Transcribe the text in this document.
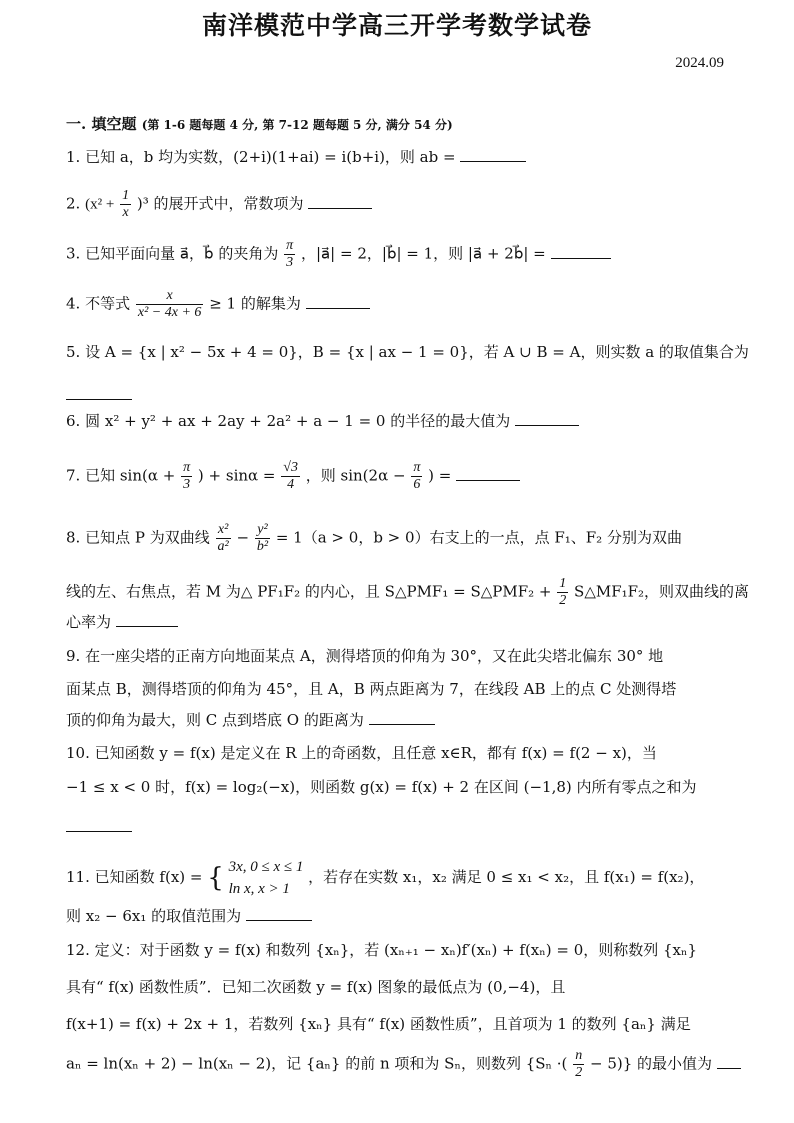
南洋模范中学高三开学考数学试卷
2024.09
一. 填空题 (第 1-6 题每题 4 分, 第 7-12 题每题 5 分, 满分 54 分)
1. 已知 a，b 均为实数，(2+i)(1+ai) = i(b+i)，则 ab =
2. $(x^2 + \frac{1}{x} )^3$ 的展开式中，常数项为
3. 已知平面向量 a⃗，b⃗ 的夹角为 $\frac{\pi}{3}$ ，|a⃗| = 2，|b⃗| = 1，则 |a⃗ + 2b⃗| =
4. 不等式 $\frac{x}{\text{x² − 4x + 6}} \ge 1$ 的解集为
5. 设 A = {x | x² − 5x + 4 = 0}，B = {x | ax − 1 = 0}，若 A ∪ B = A，则实数 a 的取值集合为
6. 圆 x² + y² + ax + 2ay + 2a² + a − 1 = 0 的半径的最大值为
7. 已知 $\sin(\alpha + \frac{\pi}{3}$ ) + $\sin\alpha = \frac{√3}{4}$ ，则 $\sin(2\alpha - \frac{\pi}{6}$ ) =
8. 已知点 P 为双曲线 $\frac{\text{x²}}{\text{a²}} - \frac{\text{y²}}{\text{b²}} = 1(a > 0$，b > 0）右支上的一点，点 F₁、F₂ 分别为双曲
线的左、右焦点，若 M 为△ PF₁F₂ 的内心，且 S△PMF₁ = S△PMF₂ + $\frac{1}{2}$ S△MF₁F₂，则双曲线的离
心率为
9. 在一座尖塔的正南方向地面某点 A，测得塔顶的仰角为 30°，又在此尖塔北偏东 30° 地
面某点 B，测得塔顶的仰角为 45°，且 A，B 两点距离为 7，在线段 AB 上的点 C 处测得塔
顶的仰角为最大，则 C 点到塔底 O 的距离为
10. 已知函数 y = f(x) 是定义在 R 上的奇函数，且任意 x∈R，都有 f(x) = f(2 − x)，当
−1 ≤ x < 0 时，f(x) = log₂(−x)，则函数 g(x) = f(x) + 2 在区间 (−1,8) 内所有零点之和为
11. 已知函数 f(x) = { 3x, 0 ≤ x ≤ 1
ln x, x > 1
，若存在实数 x₁，x₂ 满足 0 ≤ x₁ < x₂，且 f(x₁) = f(x₂)，
则 x₂ − 6x₁ 的取值范围为
12. 定义：对于函数 y = f(x) 和数列 {xₙ}，若 (xₙ₊₁ − xₙ)f′(xₙ) + f(xₙ) = 0，则称数列 {xₙ}
具有“ f(x) 函数性质”．已知二次函数 y = f(x) 图象的最低点为 (0,−4)，且
f(x+1) = f(x) + 2x + 1，若数列 {xₙ} 具有“ f(x) 函数性质”，且首项为 1 的数列 {aₙ} 满足
aₙ = ln(xₙ + 2) − ln(xₙ − 2)，记 {aₙ} 的前 n 项和为 Sₙ，则数列 {Sₙ ·( $\frac{n}{2} - 5$)} 的最小值为
